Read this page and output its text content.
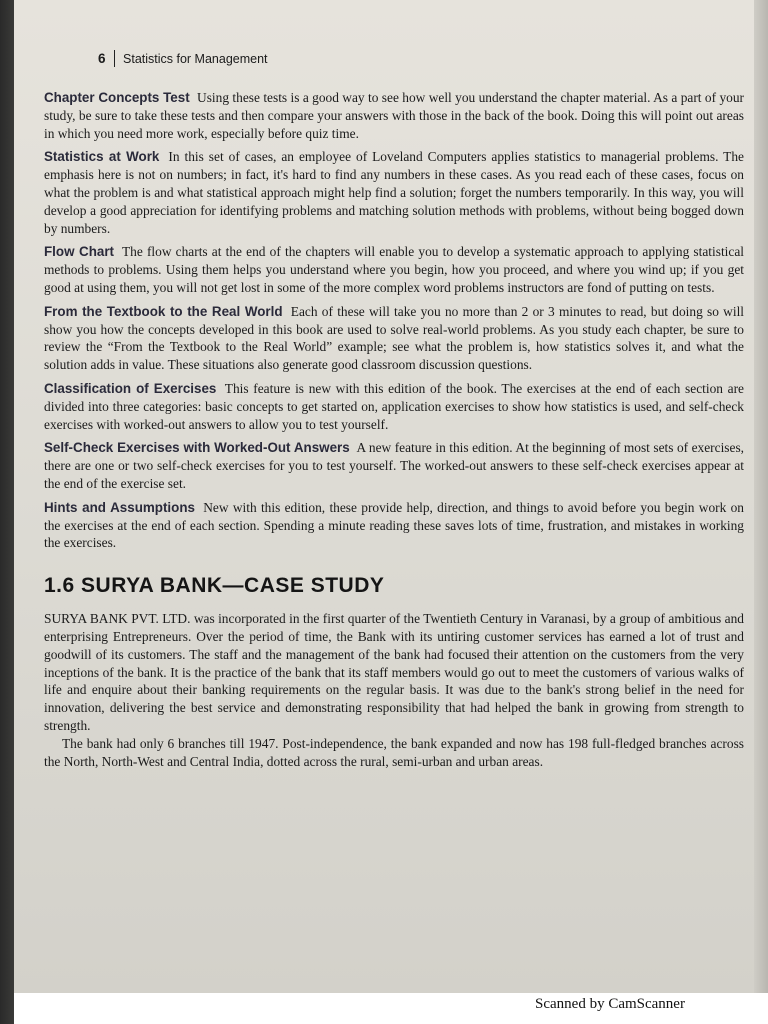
6 Statistics for Management

Chapter Concepts Test Using these tests is a good way to see how well you understand the chapter material. As a part of your study, be sure to take these tests and then compare your answers with those in the back of the book. Doing this will point out areas in which you need more work, especially before quiz time.

Statistics at Work In this set of cases, an employee of Loveland Computers applies statistics to managerial problems. The emphasis here is not on numbers; in fact, it's hard to find any numbers in these cases. As you read each of these cases, focus on what the problem is and what statistical approach might help find a solution; forget the numbers temporarily. In this way, you will develop a good appreciation for identifying problems and matching solution methods with problems, without being bogged down by numbers.

Flow Chart The flow charts at the end of the chapters will enable you to develop a systematic approach to applying statistical methods to problems. Using them helps you understand where you begin, how you proceed, and where you wind up; if you get good at using them, you will not get lost in some of the more complex word problems instructors are fond of putting on tests.

From the Textbook to the Real World Each of these will take you no more than 2 or 3 minutes to read, but doing so will show you how the concepts developed in this book are used to solve real-world problems. As you study each chapter, be sure to review the “From the Textbook to the Real World” example; see what the problem is, how statistics solves it, and what the solution adds in value. These situations also generate good classroom discussion questions.

Classification of Exercises This feature is new with this edition of the book. The exercises at the end of each section are divided into three categories: basic concepts to get started on, application exercises to show how statistics is used, and self-check exercises with worked-out answers to allow you to test yourself.

Self-Check Exercises with Worked-Out Answers A new feature in this edition. At the beginning of most sets of exercises, there are one or two self-check exercises for you to test yourself. The worked-out answers to these self-check exercises appear at the end of the exercise set.

Hints and Assumptions New with this edition, these provide help, direction, and things to avoid before you begin work on the exercises at the end of each section. Spending a minute reading these saves lots of time, frustration, and mistakes in working the exercises.

1.6 SURYA BANK—CASE STUDY

SURYA BANK PVT. LTD. was incorporated in the first quarter of the Twentieth Century in Varanasi, by a group of ambitious and enterprising Entrepreneurs. Over the period of time, the Bank with its untiring customer services has earned a lot of trust and goodwill of its customers. The staff and the management of the bank had focused their attention on the customers from the very inceptions of the bank. It is the practice of the bank that its staff members would go out to meet the customers of various walks of life and enquire about their banking requirements on the regular basis. It was due to the bank's strong belief in the need for innovation, delivering the best service and demonstrating responsibility that had helped the bank in growing from strength to strength.

The bank had only 6 branches till 1947. Post-independence, the bank expanded and now has 198 full-fledged branches across the North, North-West and Central India, dotted across the rural, semi-urban and urban areas.

Scanned by CamScanner
